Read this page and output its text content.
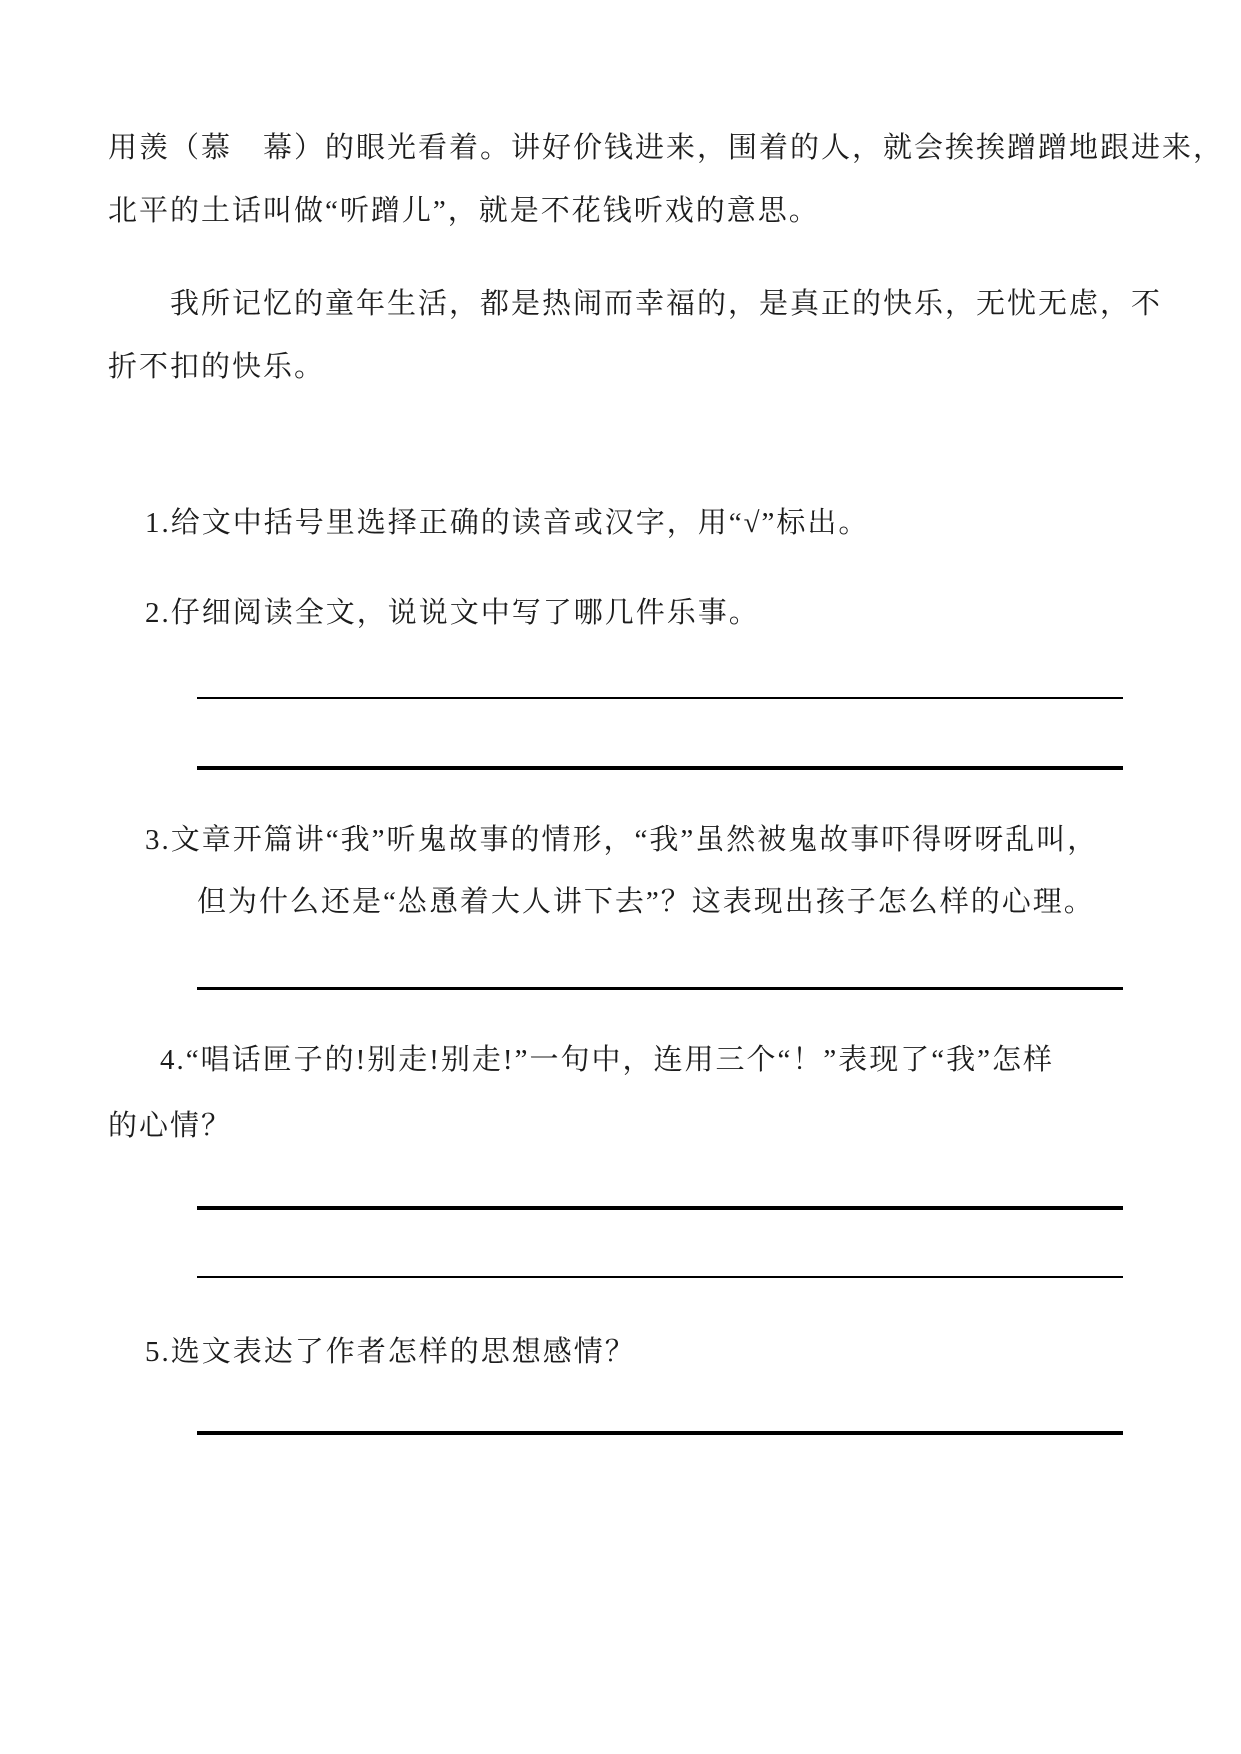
用羡（慕　幕）的眼光看着。讲好价钱进来，围着的人，就会挨挨蹭蹭地跟进来，
北平的土话叫做“听蹭儿”，就是不花钱听戏的意思。
我所记忆的童年生活，都是热闹而幸福的，是真正的快乐，无忧无虑，不
折不扣的快乐。
1.给文中括号里选择正确的读音或汉字，用“√”标出。
2.仔细阅读全文，说说文中写了哪几件乐事。
3.文章开篇讲“我”听鬼故事的情形，“我”虽然被鬼故事吓得呀呀乱叫，
但为什么还是“怂恿着大人讲下去”？这表现出孩子怎么样的心理。
4.“唱话匣子的!别走!别走!”一句中，连用三个“！”表现了“我”怎样
的心情？
5.选文表达了作者怎样的思想感情？
